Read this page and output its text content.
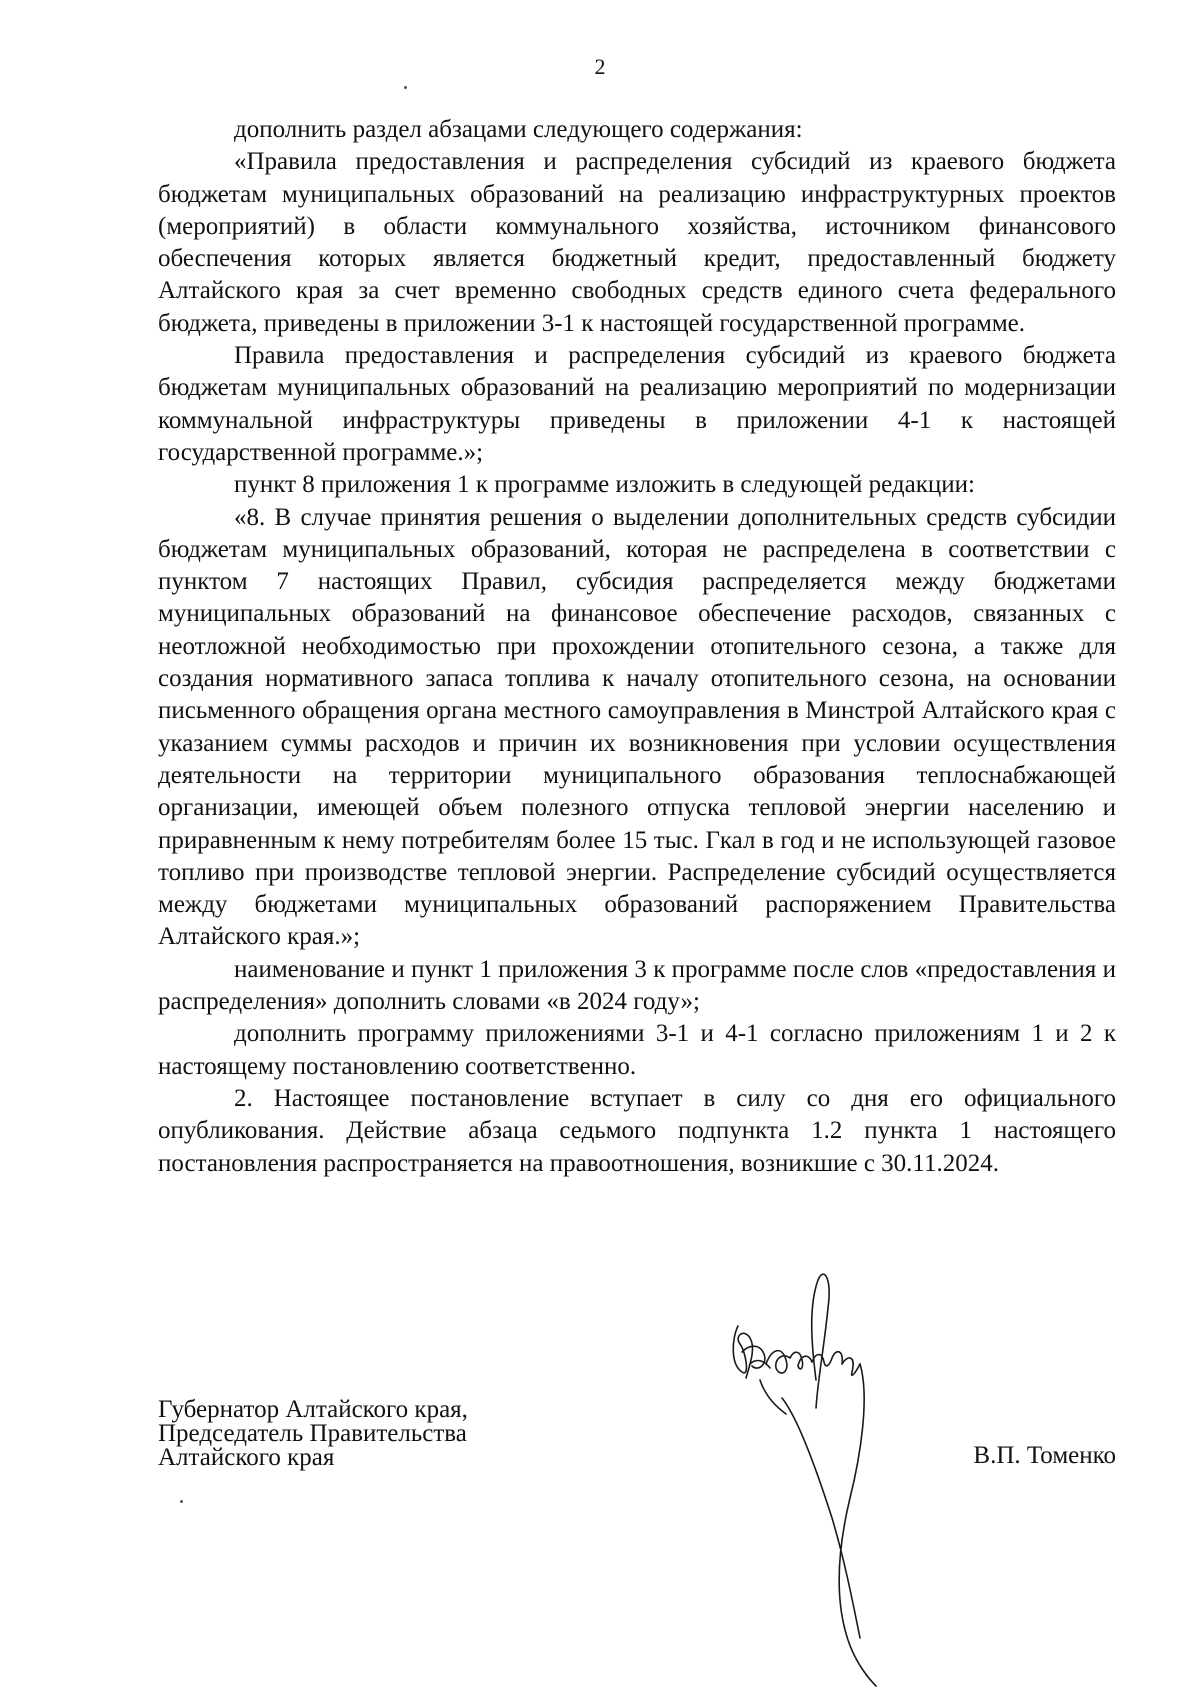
2

дополнить раздел абзацами следующего содержания:

«Правила предоставления и распределения субсидий из краевого бюджета бюджетам муниципальных образований на реализацию инфраструктурных проектов (мероприятий) в области коммунального хозяйства, источником финансового обеспечения которых является бюджетный кредит, предоставленный бюджету Алтайского края за счет временно свободных средств единого счета федерального бюджета, приведены в приложении 3-1 к настоящей государственной программе.

Правила предоставления и распределения субсидий из краевого бюджета бюджетам муниципальных образований на реализацию мероприятий по модернизации коммунальной инфраструктуры приведены в приложении 4-1 к настоящей государственной программе.»;

пункт 8 приложения 1 к программе изложить в следующей редакции:

«8. В случае принятия решения о выделении дополнительных средств субсидии бюджетам муниципальных образований, которая не распределена в соответствии с пунктом 7 настоящих Правил, субсидия распределяется между бюджетами муниципальных образований на финансовое обеспечение расходов, связанных с неотложной необходимостью при прохождении отопительного сезона, а также для создания нормативного запаса топлива к началу отопительного сезона, на основании письменного обращения органа местного самоуправления в Минстрой Алтайского края с указанием суммы расходов и причин их возникновения при условии осуществления деятельности на территории муниципального образования теплоснабжающей организации, имеющей объем полезного отпуска тепловой энергии населению и приравненным к нему потребителям более 15 тыс. Гкал в год и не использующей газовое топливо при производстве тепловой энергии. Распределение субсидий осуществляется между бюджетами муниципальных образований распоряжением Правительства Алтайского края.»;

наименование и пункт 1 приложения 3 к программе после слов «предоставления и распределения» дополнить словами «в 2024 году»;

дополнить программу приложениями 3-1 и 4-1 согласно приложениям 1 и 2 к настоящему постановлению соответственно.

2. Настоящее постановление вступает в силу со дня его официального опубликования. Действие абзаца седьмого подпункта 1.2 пункта 1 настоящего постановления распространяется на правоотношения, возникшие с 30.11.2024.

Губернатор Алтайского края,
Председатель Правительства
Алтайского края	В.П. Томенко
